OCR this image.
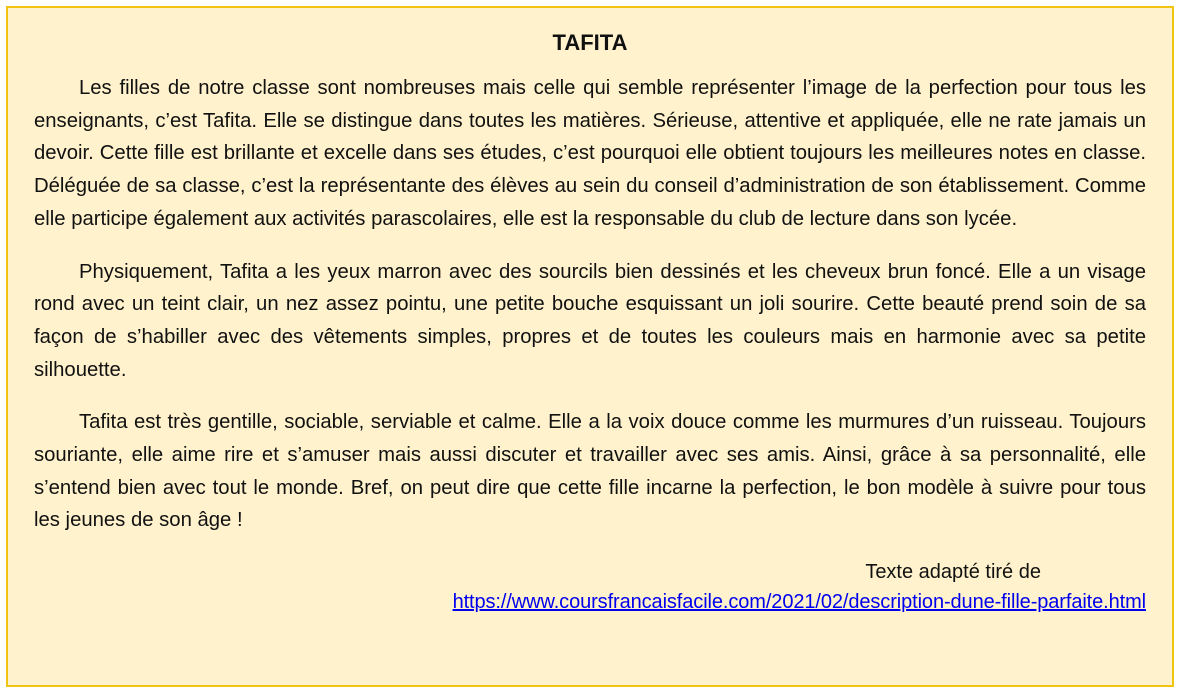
TAFITA

Les filles de notre classe sont nombreuses mais celle qui semble représenter l’image de la perfection pour tous les enseignants, c’est Tafita. Elle se distingue dans toutes les matières. Sérieuse, attentive et appliquée, elle ne rate jamais un devoir. Cette fille est brillante et excelle dans ses études, c’est pourquoi elle obtient toujours les meilleures notes en classe. Déléguée de sa classe, c’est la représentante des élèves au sein du conseil d’administration de son établissement. Comme elle participe également aux activités parascolaires, elle est la responsable du club de lecture dans son lycée.

Physiquement, Tafita a les yeux marron avec des sourcils bien dessinés et les cheveux brun foncé. Elle a un visage rond avec un teint clair, un nez assez pointu, une petite bouche esquissant un joli sourire. Cette beauté prend soin de sa façon de s’habiller avec des vêtements simples, propres et de toutes les couleurs mais en harmonie avec sa petite silhouette.

Tafita est très gentille, sociable, serviable et calme. Elle a la voix douce comme les murmures d’un ruisseau. Toujours souriante, elle aime rire et s’amuser mais aussi discuter et travailler avec ses amis. Ainsi, grâce à sa personnalité, elle s’entend bien avec tout le monde. Bref, on peut dire que cette fille incarne la perfection, le bon modèle à suivre pour tous les jeunes de son âge !

Texte adapté tiré de
https://www.coursfrancaisfacile.com/2021/02/description-dune-fille-parfaite.html
